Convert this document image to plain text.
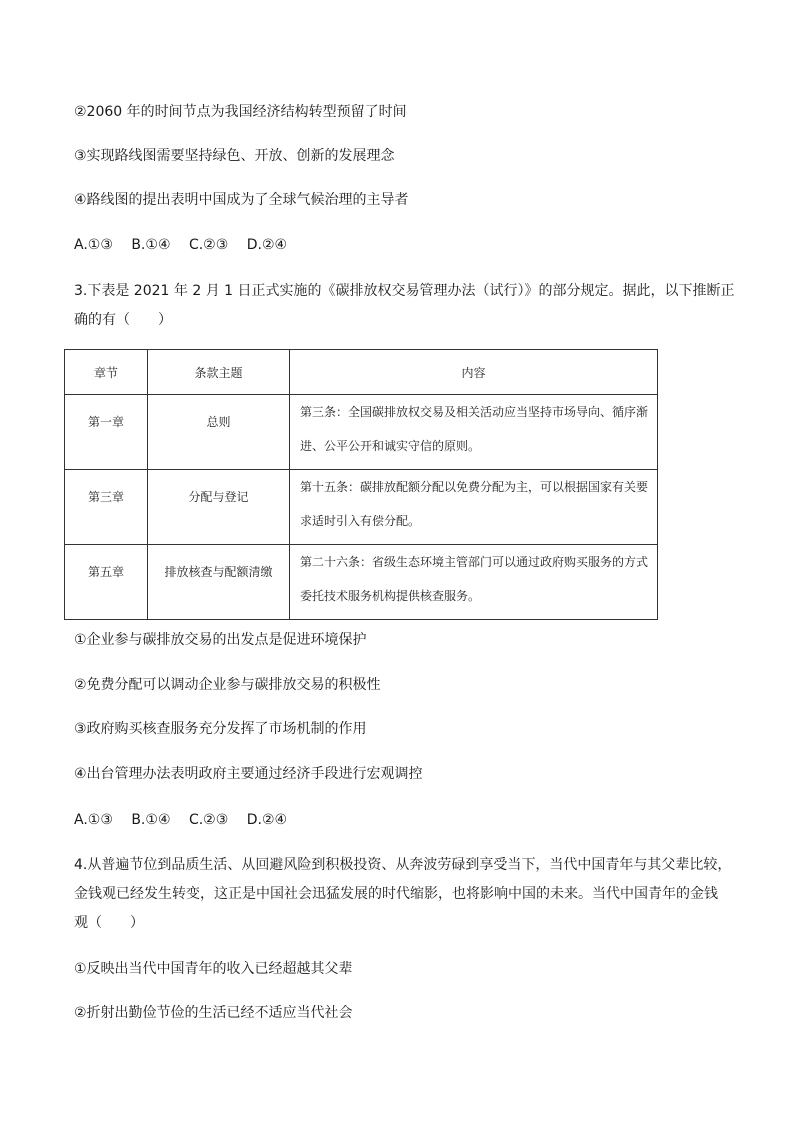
②2060 年的时间节点为我国经济结构转型预留了时间

③实现路线图需要坚持绿色、开放、创新的发展理念

④路线图的提出表明中国成为了全球气候治理的主导者

A.①③　 B.①④　 C.②③　 D.②④

3.下表是 2021 年 2 月 1 日正式实施的《碳排放权交易管理办法（试行）》的部分规定。据此，以下推断正

确的有（　　）

章节	条款主题	内容

第一章	总则	第三条：全国碳排放权交易及相关活动应当坚持市场导向、循序渐进、公平公开和诚实守信的原则。

第三章	分配与登记	第十五条：碳排放配额分配以免费分配为主，可以根据国家有关要求适时引入有偿分配。

第五章	排放核查与配额清缴	第二十六条：省级生态环境主管部门可以通过政府购买服务的方式委托技术服务机构提供核查服务。

①企业参与碳排放交易的出发点是促进环境保护

②免费分配可以调动企业参与碳排放交易的积极性

③政府购买核查服务充分发挥了市场机制的作用

④出台管理办法表明政府主要通过经济手段进行宏观调控

A.①③　 B.①④　 C.②③　 D.②④

4.从普遍节位到品质生活、从回避风险到积极投资、从奔波劳碌到享受当下，当代中国青年与其父辈比较，

金钱观已经发生转变，这正是中国社会迅猛发展的时代缩影，也将影响中国的未来。当代中国青年的金钱

观（　　）

①反映出当代中国青年的收入已经超越其父辈

②折射出勤俭节俭的生活已经不适应当代社会
